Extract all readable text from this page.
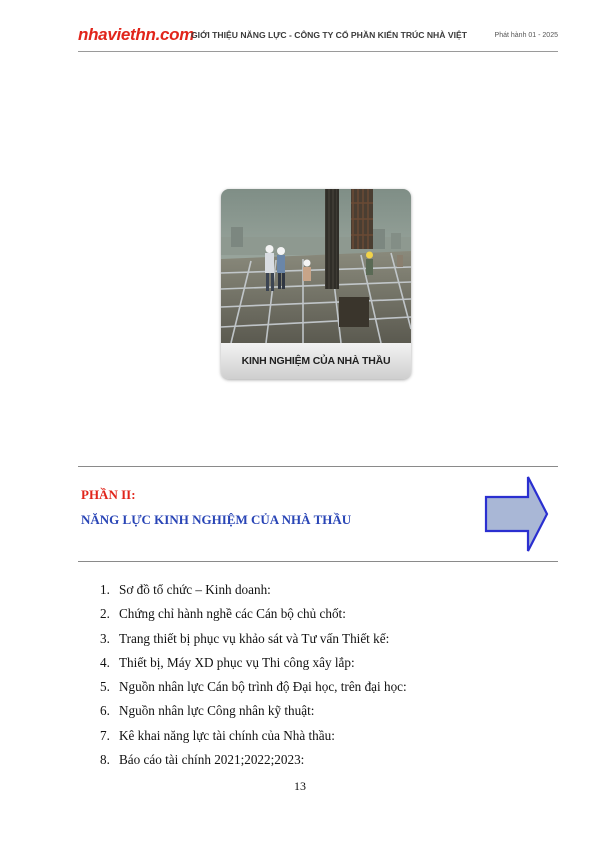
nhaviethn.com
GIỚI THIỆU NĂNG LỰC - CÔNG TY CỔ PHẦN KIẾN TRÚC NHÀ VIỆT	Phát hành 01 - 2025
KINH NGHIỆM CỦA NHÀ THẦU
PHẦN II:
NĂNG LỰC KINH NGHIỆM CỦA NHÀ THẦU
1. Sơ đồ tổ chức – Kinh doanh:
2. Chứng chỉ hành nghề các Cán bộ chủ chốt:
3. Trang thiết bị phục vụ khảo sát và Tư vấn Thiết kế:
4. Thiết bị, Máy XD phục vụ Thi công xây lắp:
5. Nguồn nhân lực Cán bộ trình độ Đại học, trên đại học:
6. Nguồn nhân lực Công nhân kỹ thuật:
7. Kê khai năng lực tài chính của Nhà thầu:
8. Báo cáo tài chính 2021;2022;2023:
13
